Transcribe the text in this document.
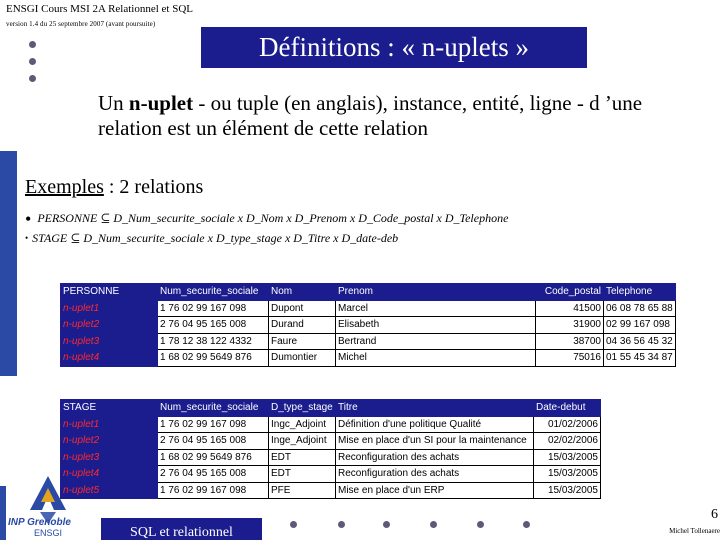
ENSGI Cours MSI 2A Relationnel et SQL
version 1.4 du 25 septembre 2007 (avant poursuite)
Définitions : « n-uplets »
Un n-uplet - ou tuple (en anglais), instance, entité, ligne - d ’une relation est un élément de cette relation
Exemples : 2 relations
• PERSONNE ⊆ D_Num_securite_sociale x D_Nom x D_Prenom x D_Code_postal x D_Telephone
• STAGE ⊆ D_Num_securite_sociale x D_type_stage x D_Titre x D_date-deb
PERSONNE	Num_securite_sociale	Nom	Prenom	Code_postal	Telephone
n-uplet1	1 76 02 99 167 098	Dupont	Marcel	41500	06 08 78 65 88
n-uplet2	2 76 04 95 165 008	Durand	Elisabeth	31900	02 99 167 098
n-uplet3	1 78 12 38 122 4332	Faure	Bertrand	38700	04 36 56 45 32
n-uplet4	1 68 02 99 5649 876	Dumontier	Michel	75016	01 55 45 34 87
STAGE	Num_securite_sociale	D_type_stage	Titre	Date-debut
n-uplet1	1 76 02 99 167 098	Ingc_Adjoint	Définition d'une politique Qualité	01/02/2006
n-uplet2	2 76 04 95 165 008	Inge_Adjoint	Mise en place d'un SI pour la maintenance	02/02/2006
n-uplet3	1 68 02 99 5649 876	EDT	Reconfiguration des achats	15/03/2005
n-uplet4	2 76 04 95 165 008	EDT	Reconfiguration des achats	15/03/2005
n-uplet5	1 76 02 99 167 098	PFE	Mise en place d'un ERP	15/03/2005
INP Grenoble
ENSGI	SQL et relationnel
6
Michel Tollenaere
